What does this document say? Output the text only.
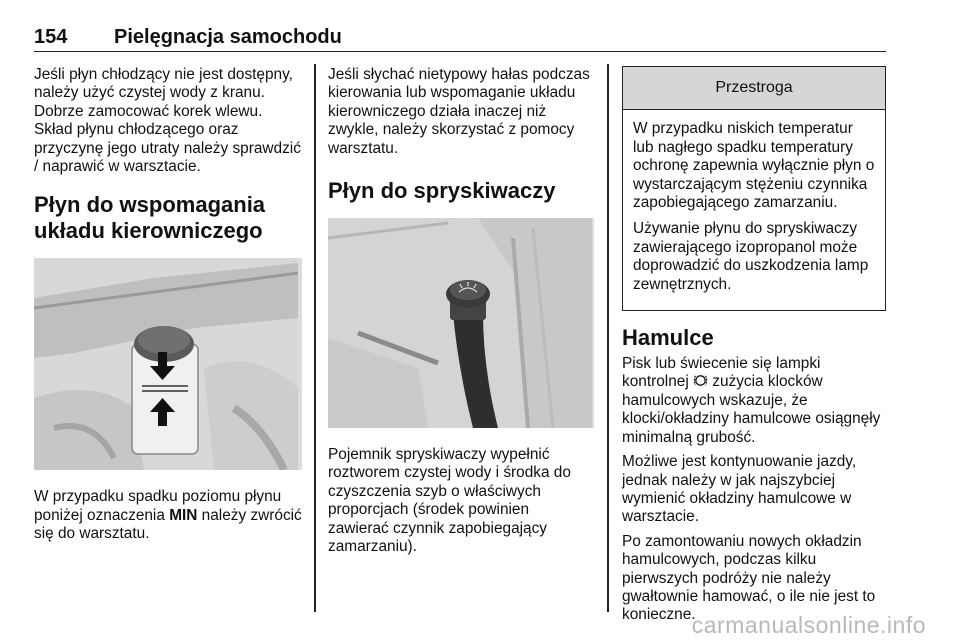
154 Pielęgnacja samochodu

Jeśli płyn chłodzący nie jest dostępny, należy użyć czystej wody z kranu. Dobrze zamocować korek wlewu. Skład płynu chłodzącego oraz przyczynę jego utraty należy sprawdzić / naprawić w warsztacie.

Płyn do wspomagania układu kierowniczego

W przypadku spadku poziomu płynu poniżej oznaczenia MIN należy zwrócić się do warsztatu.

Jeśli słychać nietypowy hałas podczas kierowania lub wspomaganie układu kierowniczego działa inaczej niż zwykle, należy skorzystać z pomocy warsztatu.

Płyn do spryskiwaczy

Pojemnik spryskiwaczy wypełnić roztworem czystej wody i środka do czyszczenia szyb o właściwych proporcjach (środek powinien zawierać czynnik zapobiegający zamarzaniu).

Przestroga

W przypadku niskich temperatur lub nagłego spadku temperatury ochronę zapewnia wyłącznie płyn o wystarczającym stężeniu czynnika zapobiegającego zamarzaniu.

Używanie płynu do spryskiwaczy zawierającego izopropanol może doprowadzić do uszkodzenia lamp zewnętrznych.

Hamulce

Pisk lub świecenie się lampki kontrolnej  zużycia klocków hamulcowych wskazuje, że klocki/okładziny hamulcowe osiągnęły minimalną grubość.

Możliwe jest kontynuowanie jazdy, jednak należy w jak najszybciej wymienić okładziny hamulcowe w warsztacie.

Po zamontowaniu nowych okładzin hamulcowych, podczas kilku pierwszych podróży nie należy gwałtownie hamować, o ile nie jest to konieczne.

carmanualsonline.info
